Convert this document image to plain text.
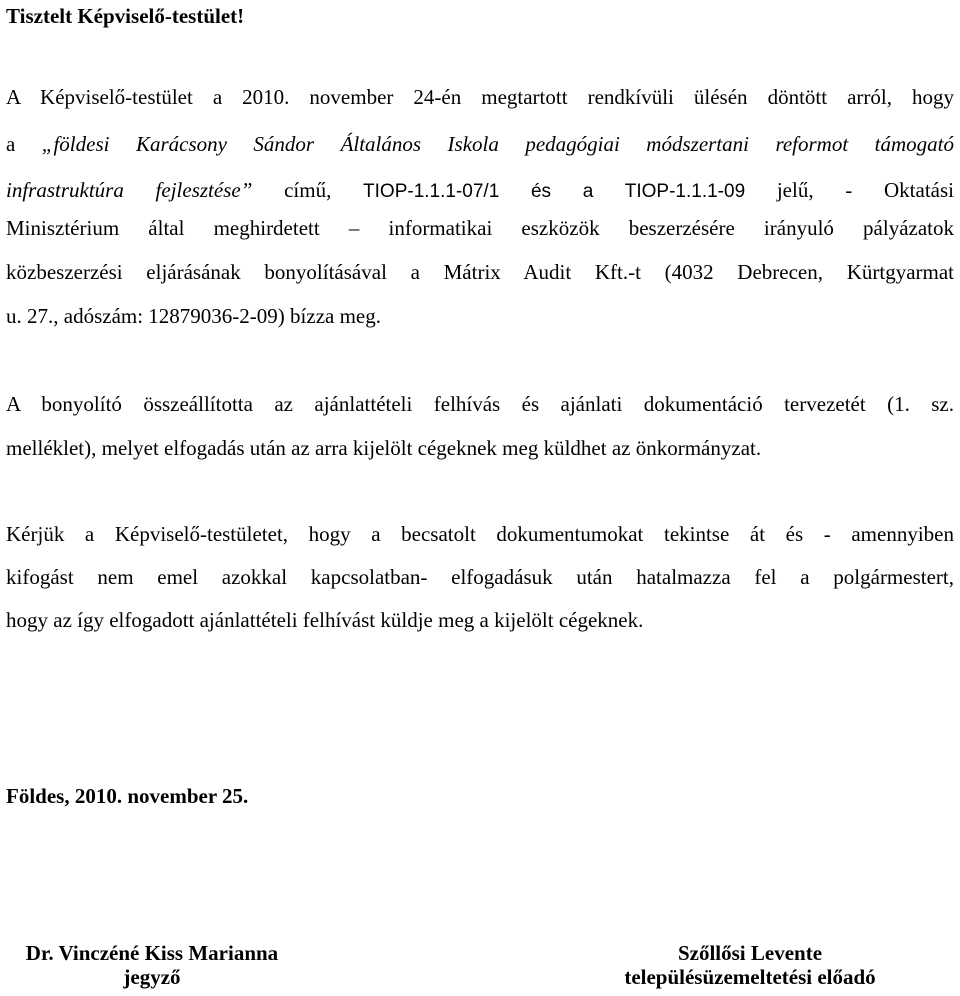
Tisztelt Képviselő-testület!
A Képviselő-testület a 2010. november 24-én megtartott rendkívüli ülésén döntött arról, hogy
a „földesi Karácsony Sándor Általános Iskola pedagógiai módszertani reformot támogató
infrastruktúra fejlesztése” című, TIOP-1.1.1-07/1 és a TIOP-1.1.1-09 jelű, - Oktatási
Minisztérium által meghirdetett – informatikai eszközök beszerzésére irányuló pályázatok
közbeszerzési eljárásának bonyolításával a Mátrix Audit Kft.-t (4032 Debrecen, Kürtgyarmat
u. 27., adószám: 12879036-2-09) bízza meg.
A bonyolító összeállította az ajánlattételi felhívás és ajánlati dokumentáció tervezetét (1. sz.
melléklet), melyet elfogadás után az arra kijelölt cégeknek meg küldhet az önkormányzat.
Kérjük a Képviselő-testületet, hogy a becsatolt dokumentumokat tekintse át és - amennyiben
kifogást nem emel azokkal kapcsolatban- elfogadásuk után hatalmazza fel a polgármestert,
hogy az így elfogadott ajánlattételi felhívást küldje meg a kijelölt cégeknek.
Földes, 2010. november 25.
Dr. Vinczéné Kiss Marianna
jegyző
Szőllősi Levente
településüzemeltetési előadó
